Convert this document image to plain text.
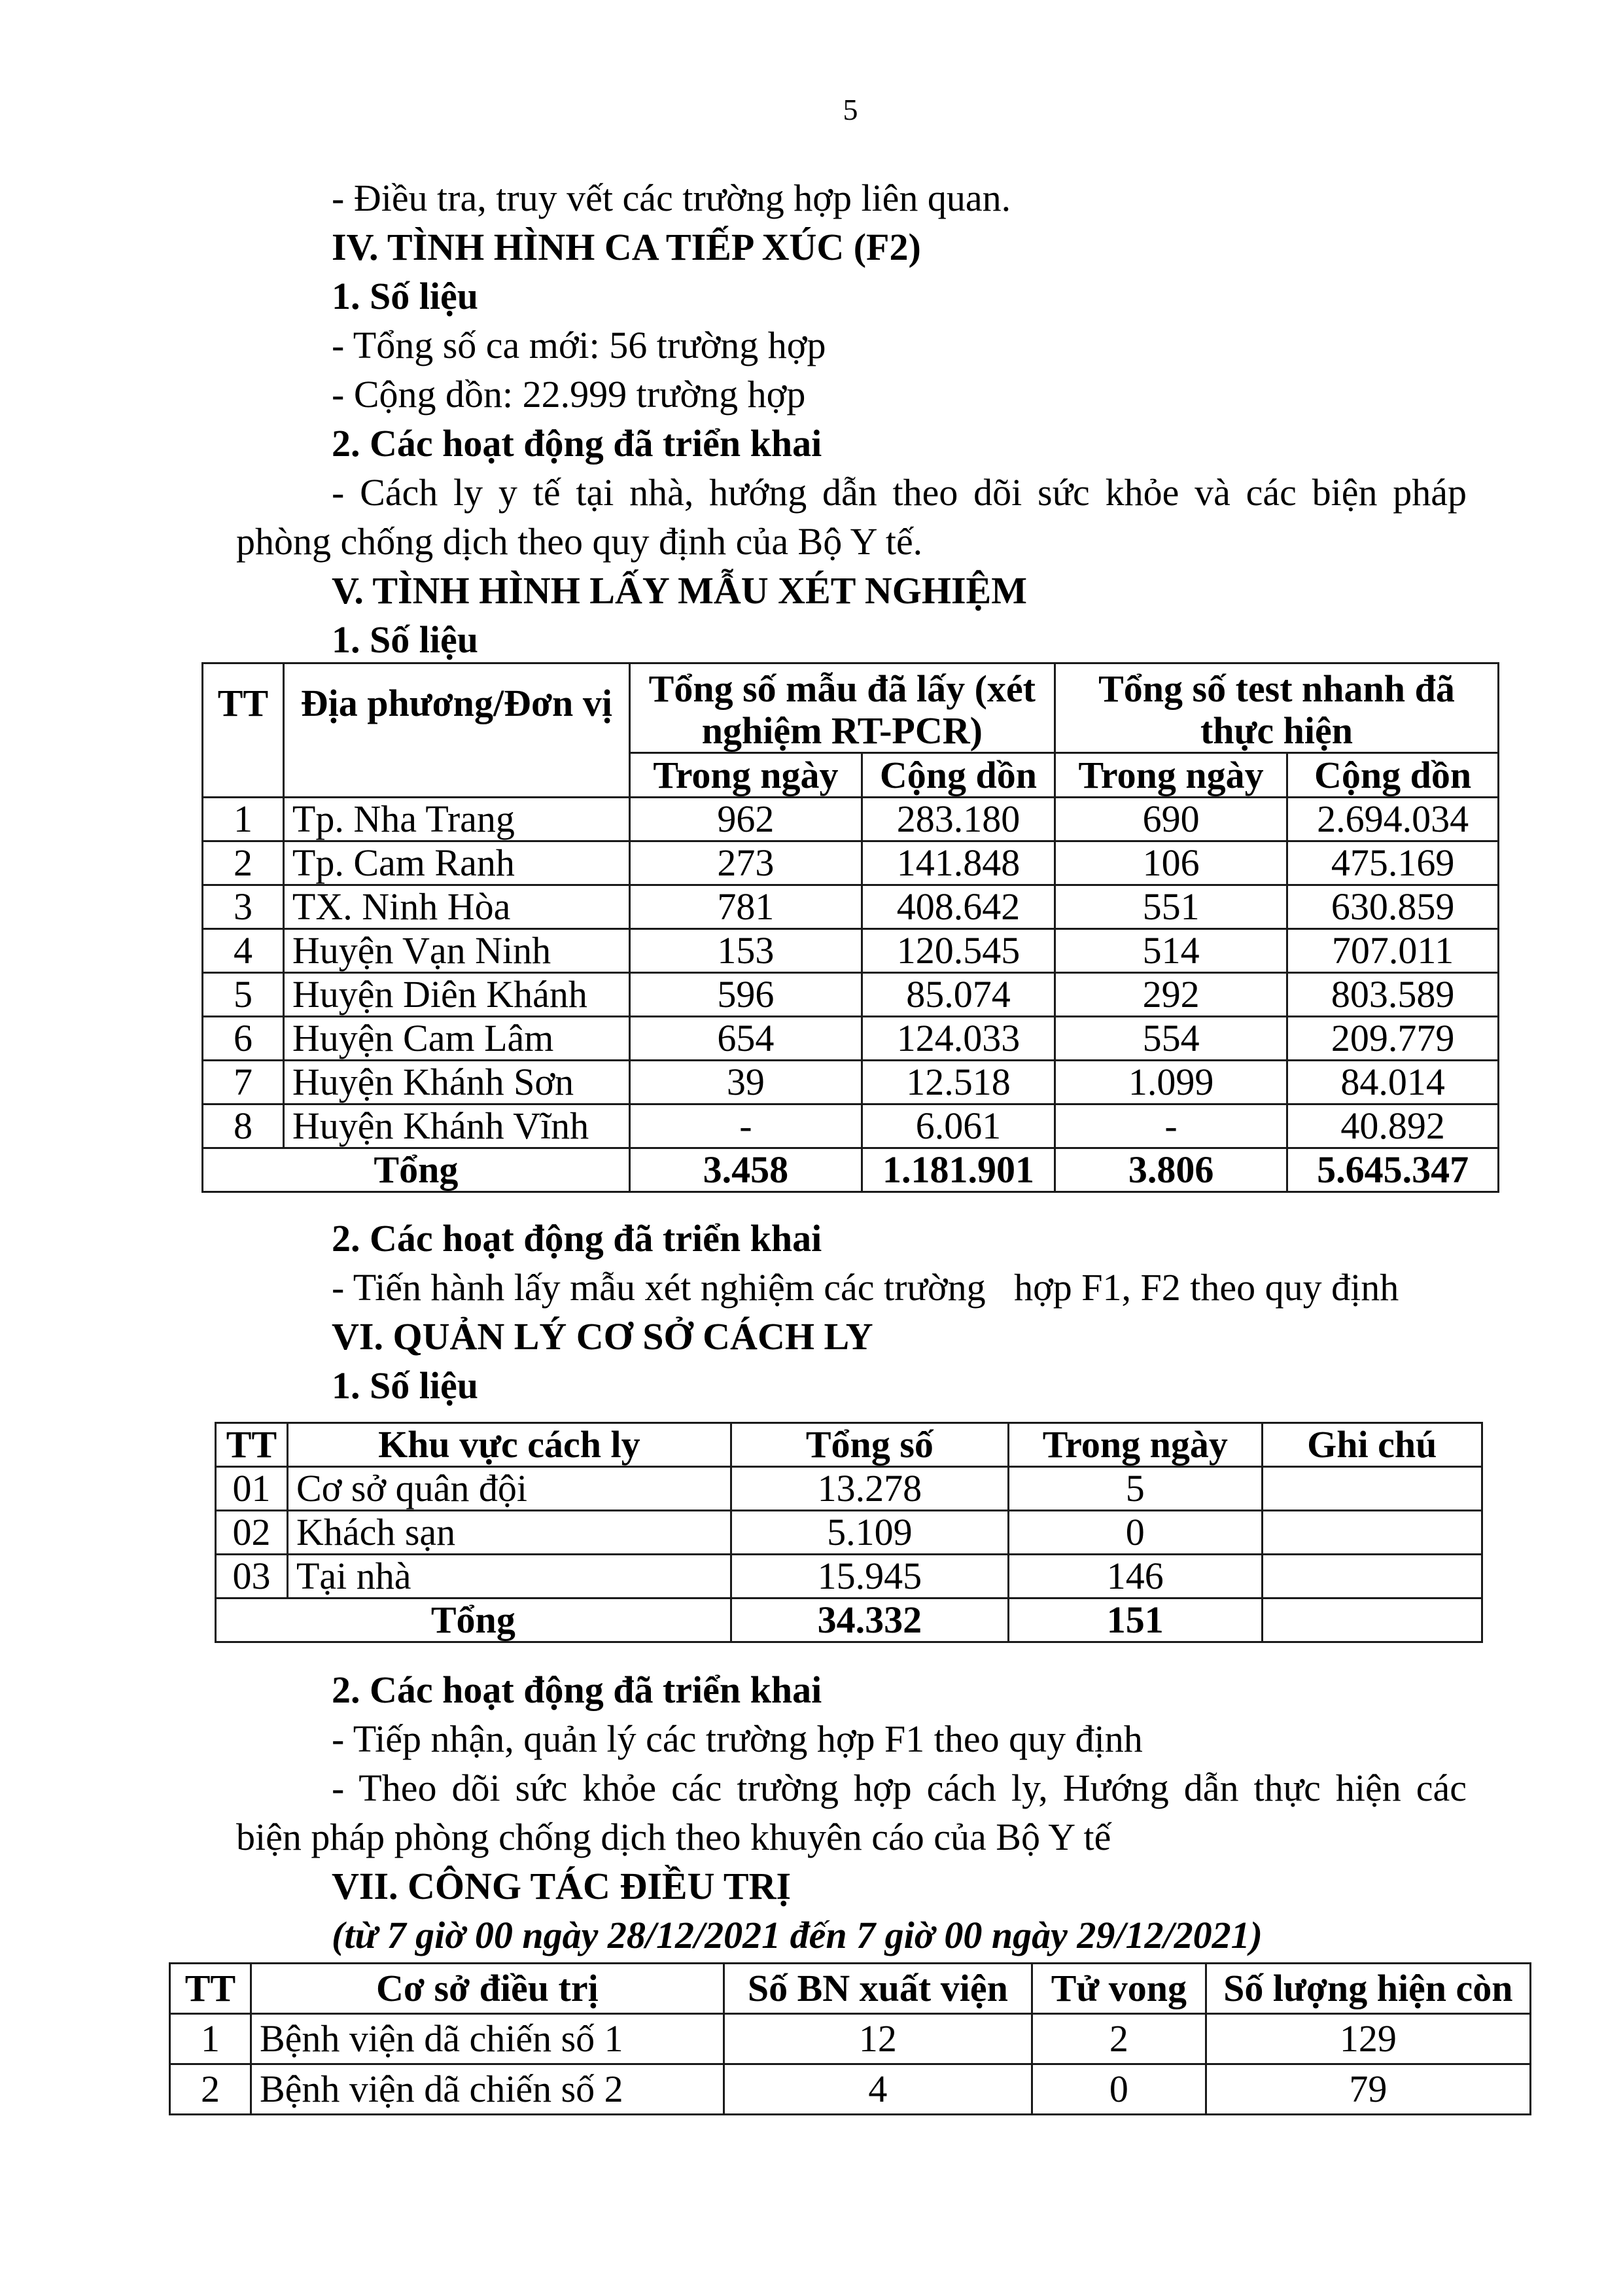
5
- Điều tra, truy vết các trường hợp liên quan.
IV. TÌNH HÌNH CA TIẾP XÚC (F2)
1. Số liệu
- Tổng số ca mới: 56 trường hợp
- Cộng dồn: 22.999 trường hợp
2. Các hoạt động đã triển khai
- Cách ly y tế tại nhà, hướng dẫn theo dõi sức khỏe và các biện pháp
phòng chống dịch theo quy định của Bộ Y tế.
V. TÌNH HÌNH LẤY MẪU XÉT NGHIỆM
1. Số liệu
TT	Địa phương/Đơn vị	Tổng số mẫu đã lấy (xét nghiệm RT-PCR)		Tổng số test nhanh đã thực hiện	
		Trong ngày	Cộng dồn	Trong ngày	Cộng dồn
1	Tp. Nha Trang	962	283.180	690	2.694.034
2	Tp. Cam Ranh	273	141.848	106	475.169
3	TX. Ninh Hòa	781	408.642	551	630.859
4	Huyện Vạn Ninh	153	120.545	514	707.011
5	Huyện Diên Khánh	596	85.074	292	803.589
6	Huyện Cam Lâm	654	124.033	554	209.779
7	Huyện Khánh Sơn	39	12.518	1.099	84.014
8	Huyện Khánh Vĩnh	-	6.061	-	40.892
Tổng		3.458	1.181.901	3.806	5.645.347
2. Các hoạt động đã triển khai
- Tiến hành lấy mẫu xét nghiệm các trường   hợp F1, F2 theo quy định
VI. QUẢN LÝ CƠ SỞ CÁCH LY
1. Số liệu
TT	Khu vực cách ly	Tổng số	Trong ngày	Ghi chú
01	Cơ sở quân đội	13.278	5	
02	Khách sạn	5.109	0	
03	Tại nhà	15.945	146	
Tổng		34.332	151	
2. Các hoạt động đã triển khai
- Tiếp nhận, quản lý các trường hợp F1 theo quy định
- Theo dõi sức khỏe các trường hợp cách ly, Hướng dẫn thực hiện các
biện pháp phòng chống dịch theo khuyên cáo của Bộ Y tế
VII. CÔNG TÁC ĐIỀU TRỊ
(từ 7 giờ 00 ngày 28/12/2021 đến 7 giờ 00 ngày 29/12/2021)
TT	Cơ sở điều trị	Số BN xuất viện	Tử vong	Số lượng hiện còn
1	Bệnh viện dã chiến số 1	12	2	129
2	Bệnh viện dã chiến số 2	4	0	79
